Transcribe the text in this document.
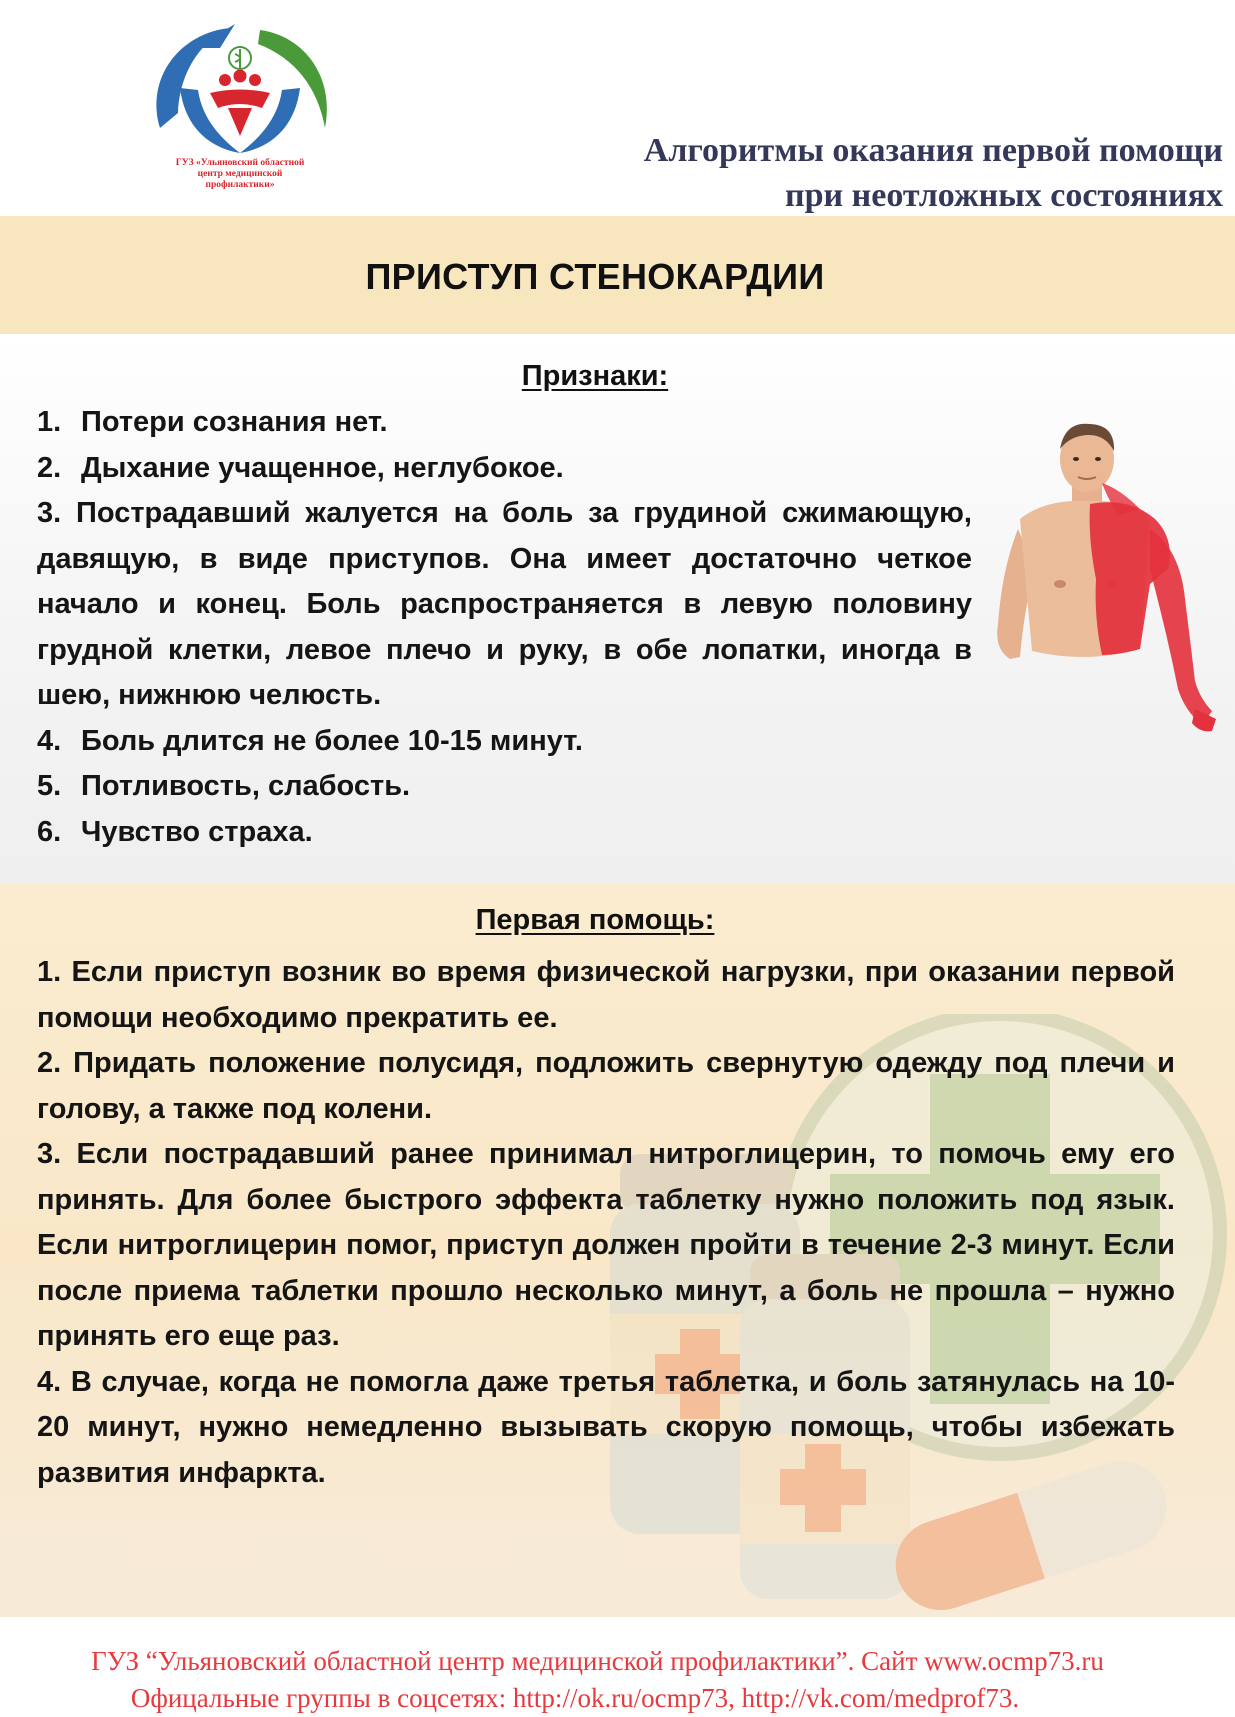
ГУЗ «Ульяновский областной
центр медицинской
профилактики»
Алгоритмы оказания первой помощи
при неотложных состояниях
ПРИСТУП СТЕНОКАРДИИ
Признаки:
1. Потери сознания нет.
2. Дыхание учащенное, неглубокое.
3. Пострадавший жалуется на боль за грудиной сжимающую, давящую, в виде приступов. Она имеет достаточно четкое начало и конец. Боль распространяется в левую половину грудной клетки, левое плечо и руку, в обе лопатки, иногда в шею, нижнюю челюсть.
4. Боль длится не более 10-15 минут.
5. Потливость, слабость.
6. Чувство страха.
Первая помощь:
1. Если приступ возник во время физической нагрузки, при оказании первой помощи необходимо прекратить ее.
2. Придать положение полусидя, подложить свернутую одежду под плечи и голову, а также под колени.
3. Если пострадавший ранее принимал нитроглицерин, то помочь ему его принять. Для более быстрого эффекта таблетку нужно положить под язык. Если нитроглицерин помог, приступ должен пройти в течение 2-3 минут. Если после приема таблетки прошло несколько минут, а боль не прошла – нужно принять его еще раз.
4. В случае, когда не помогла даже третья таблетка, и боль затянулась на 10-20 минут, нужно немедленно вызывать скорую помощь, чтобы избежать развития инфаркта.
ГУЗ “Ульяновский областной центр медицинской профилактики”. Сайт www.ocmp73.ru
Офицальные группы в соцсетях: http://ok.ru/ocmp73, http://vk.com/medprof73.
